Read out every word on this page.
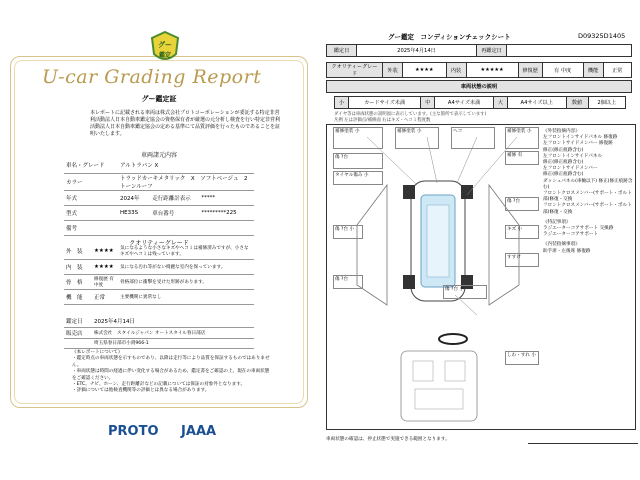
グー
鑑定
U-car Grading Report
グー鑑定証
本レポートに記載される車両は株式会社プロトコーポレーションが委託する特定非営利活動法人日本自動車鑑定協会の資格保有者が厳選の元分析し検査を行い特定非営利活動法人日本自動車鑑定協会の定める基準にて品質評価を行ったものであることを証明いたします。
車両諸元内容
車名・グレード	アルトラパン X		
カラー	トラッドカーキメタリック　X　ソフトベージュ　2トーンルーフ		
年式	2024年	走行距離計表示	*****
型式	HE33S	車台番号	*********225
備考			
クオリティーグレード
外　装	★★★★	気になるような小さなキズやヘコミは補修済みですが、小さなキズやヘコミは残っています。
内　装	★★★★	気になる汚れ等がない綺麗な室内を保っています。
骨　格	修復歴 有 中度	骨格部位に衝撃を受けた形跡があります。
機　能	正常	主要機関に異常なし
鑑定日	2025年4月14日
販売店	株式会社　スタイルジャパン オートスタイル春日部店
	埼玉県春日部市小渕966-1
《本レポートについて》
・鑑定時点の車両状態を示すものであり、以降は走行等により品質を保証するものではありません。
・車両状態は時間の経過に伴い変化する場合があるため、鑑定書をご確認の上、現在の車両状態をご確認ください。
・ETC、ナビ、ホーン、走行距離計などの記載については保証の対象外となります。
・評価については他検査機関等の評価とは異なる場合があります。
PROTO JAAA
グー鑑定　コンディションチェックシート	D09325D1405
鑑定日	2025年4月14日	再鑑定日	
クオリティーグレード	外装	★★★★	内装	★★★★★	修復歴	有 中度	機能	正常
車両状態の説明
小	カードサイズ未満	中	A4サイズ未満	大	A4サイズ以上	数値	2個以上
ダイヤ等は車両状態の説明図に表示しています。(主な箇所で表示しています)
凡例 左は評価点/補修面 右はキズ・ヘコミ程度数
補修塗装 小	補修塗装 小	ヘコ	補修塗装 小
傷 ?台
タイヤル傷み 小
傷 ?台 小
補修 有
傷 ?台
キズ 小
すすけ
傷 ?台
傷 ?台 小
しわ・すれ 小
《外装指摘内容》
左フロントインサイドパネル 修復跡
左フロントサイドメンバー 修復跡
修正(修正痕跡含む)
左フロントインサイドパネル
修正(修正痕跡含む)
左フロントサイドメンバー
修正(修正痕跡含む)
ダッシュパネル(車軸以下) 修正(修正痕跡含む)
フロントクロスメンバー(サポート・ボルト部)修復・交換
フロントクロスメンバー(サポート・ボルト部)修復・交換
《特記事項》
ラジエーターコアサポート 交換跡
ラジエーターコアサポート
《内装指摘事項》
助手席・左後席 修復跡
車両状態の確認は、停止状態で実施できる範囲となります。
